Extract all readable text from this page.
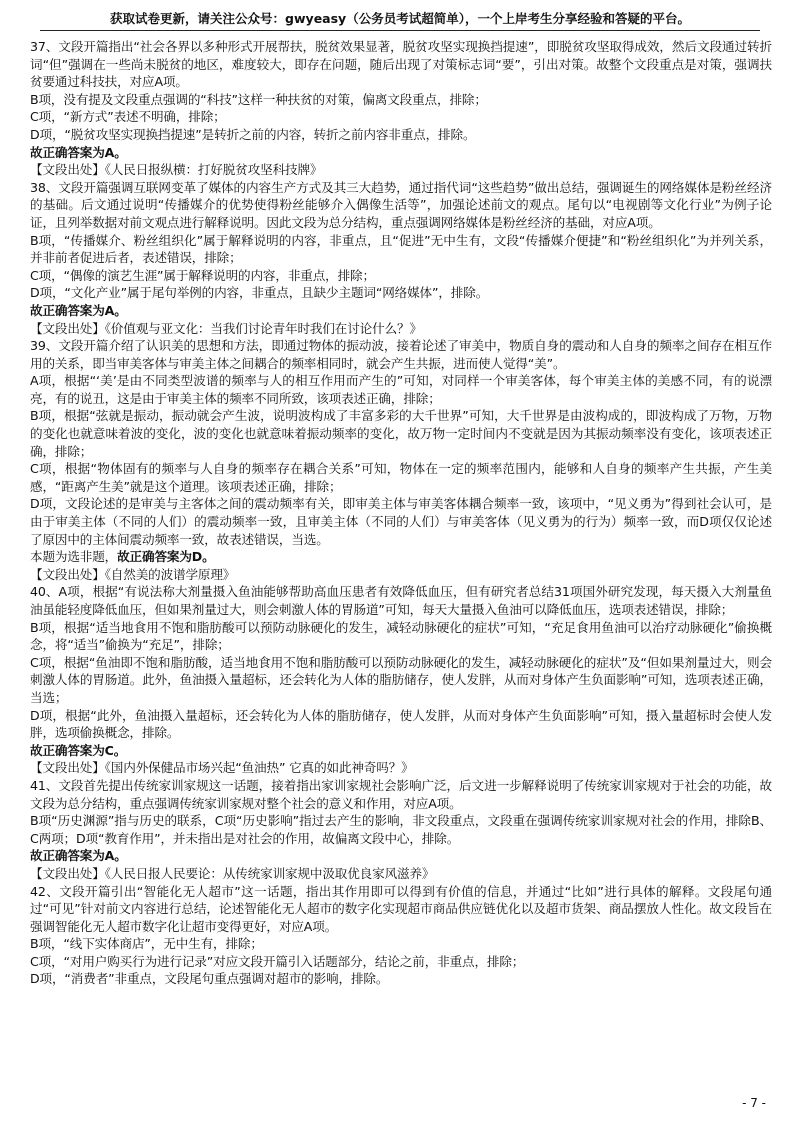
获取试卷更新，请关注公众号：gwyeasy（公务员考试超简单），一个上岸考生分享经验和答疑的平台。

37、文段开篇指出“社会各界以多种形式开展帮扶，脱贫效果显著，脱贫攻坚实现换挡提速”，即脱贫攻坚取得成效，然后文段通过转折词“但”强调在一些尚未脱贫的地区，难度较大，即存在问题，随后出现了对策标志词“要”，引出对策。故整个文段重点是对策，强调扶贫要通过科技扶，对应A项。

B项，没有提及文段重点强调的“科技”这样一种扶贫的对策，偏离文段重点，排除；

C项，“新方式”表述不明确，排除；

D项，“脱贫攻坚实现换挡提速”是转折之前的内容，转折之前内容非重点，排除。

故正确答案为A。

【文段出处】《人民日报纵横：打好脱贫攻坚科技牌》

38、文段开篇强调互联网变革了媒体的内容生产方式及其三大趋势，通过指代词“这些趋势”做出总结，强调诞生的网络媒体是粉丝经济的基础。后文通过说明“传播媒介的优势使得粉丝能够介入偶像生活等”，加强论述前文的观点。尾句以“电视剧等文化行业”为例子论证，且列举数据对前文观点进行解释说明。因此文段为总分结构，重点强调网络媒体是粉丝经济的基础，对应A项。

B项，“传播媒介、粉丝组织化”属于解释说明的内容，非重点，且“促进”无中生有，文段“传播媒介便捷”和“粉丝组织化”为并列关系，并非前者促进后者，表述错误，排除；

C项，“偶像的演艺生涯”属于解释说明的内容，非重点，排除；

D项，“文化产业”属于尾句举例的内容，非重点，且缺少主题词“网络媒体”，排除。

故正确答案为A。

【文段出处】《价值观与亚文化：当我们讨论青年时我们在讨论什么？》

39、文段开篇介绍了认识美的思想和方法，即通过物体的振动波，接着论述了审美中，物质自身的震动和人自身的频率之间存在相互作用的关系，即当审美客体与审美主体之间耦合的频率相同时，就会产生共振，进而使人觉得“美”。

A项，根据“‘美’是由不同类型波谱的频率与人的相互作用而产生的”可知，对同样一个审美客体，每个审美主体的美感不同，有的说漂亮，有的说丑，这是由于审美主体的频率不同所致，该项表述正确，排除；

B项，根据“弦就是振动，振动就会产生波，说明波构成了丰富多彩的大千世界”可知，大千世界是由波构成的，即波构成了万物，万物的变化也就意味着波的变化，波的变化也就意味着振动频率的变化，故万物一定时间内不变就是因为其振动频率没有变化，该项表述正确，排除；

C项，根据“物体固有的频率与人自身的频率存在耦合关系”可知，物体在一定的频率范围内，能够和人自身的频率产生共振，产生美感，“距离产生美”就是这个道理。该项表述正确，排除；

D项，文段论述的是审美与主客体之间的震动频率有关，即审美主体与审美客体耦合频率一致，该项中，“见义勇为”得到社会认可，是由于审美主体（不同的人们）的震动频率一致，且审美主体（不同的人们）与审美客体（见义勇为的行为）频率一致，而D项仅仅论述了原因中的主体间震动频率一致，故表述错误，当选。

本题为选非题，故正确答案为D。

【文段出处】《自然美的波谱学原理》

40、A项，根据“有说法称大剂量摄入鱼油能够帮助高血压患者有效降低血压，但有研究者总结31项国外研究发现，每天摄入大剂量鱼油虽能轻度降低血压，但如果剂量过大，则会刺激人体的胃肠道”可知，每天大量摄入鱼油可以降低血压，选项表述错误，排除；

B项，根据“适当地食用不饱和脂肪酸可以预防动脉硬化的发生，减轻动脉硬化的症状”可知，“充足食用鱼油可以治疗动脉硬化”偷换概念，将“适当”偷换为“充足”，排除；

C项，根据“鱼油即不饱和脂肪酸，适当地食用不饱和脂肪酸可以预防动脉硬化的发生，减轻动脉硬化的症状”及“但如果剂量过大，则会刺激人体的胃肠道。此外，鱼油摄入量超标，还会转化为人体的脂肪储存，使人发胖，从而对身体产生负面影响”可知，选项表述正确，当选；

D项，根据“此外，鱼油摄入量超标，还会转化为人体的脂肪储存，使人发胖，从而对身体产生负面影响”可知，摄入量超标时会使人发胖，选项偷换概念，排除。

故正确答案为C。

【文段出处】《国内外保健品市场兴起“鱼油热” 它真的如此神奇吗？》

41、文段首先提出传统家训家规这一话题，接着指出家训家规社会影响广泛，后文进一步解释说明了传统家训家规对于社会的功能，故文段为总分结构，重点强调传统家训家规对整个社会的意义和作用，对应A项。

B项“历史渊源”指与历史的联系，C项“历史影响”指过去产生的影响，非文段重点，文段重在强调传统家训家规对社会的作用，排除B、C两项；D项“教育作用”，并未指出是对社会的作用，故偏离文段中心，排除。

故正确答案为A。

【文段出处】《人民日报人民要论：从传统家训家规中汲取优良家风滋养》

42、文段开篇引出“智能化无人超市”这一话题，指出其作用即可以得到有价值的信息，并通过“比如”进行具体的解释。文段尾句通过“可见”针对前文内容进行总结，论述智能化无人超市的数字化实现超市商品供应链优化以及超市货架、商品摆放人性化。故文段旨在强调智能化无人超市数字化让超市变得更好，对应A项。

B项，“线下实体商店”，无中生有，排除；

C项，“对用户购买行为进行记录”对应文段开篇引入话题部分，结论之前，非重点，排除；

D项，“消费者”非重点，文段尾句重点强调对超市的影响，排除。

- 7 -
